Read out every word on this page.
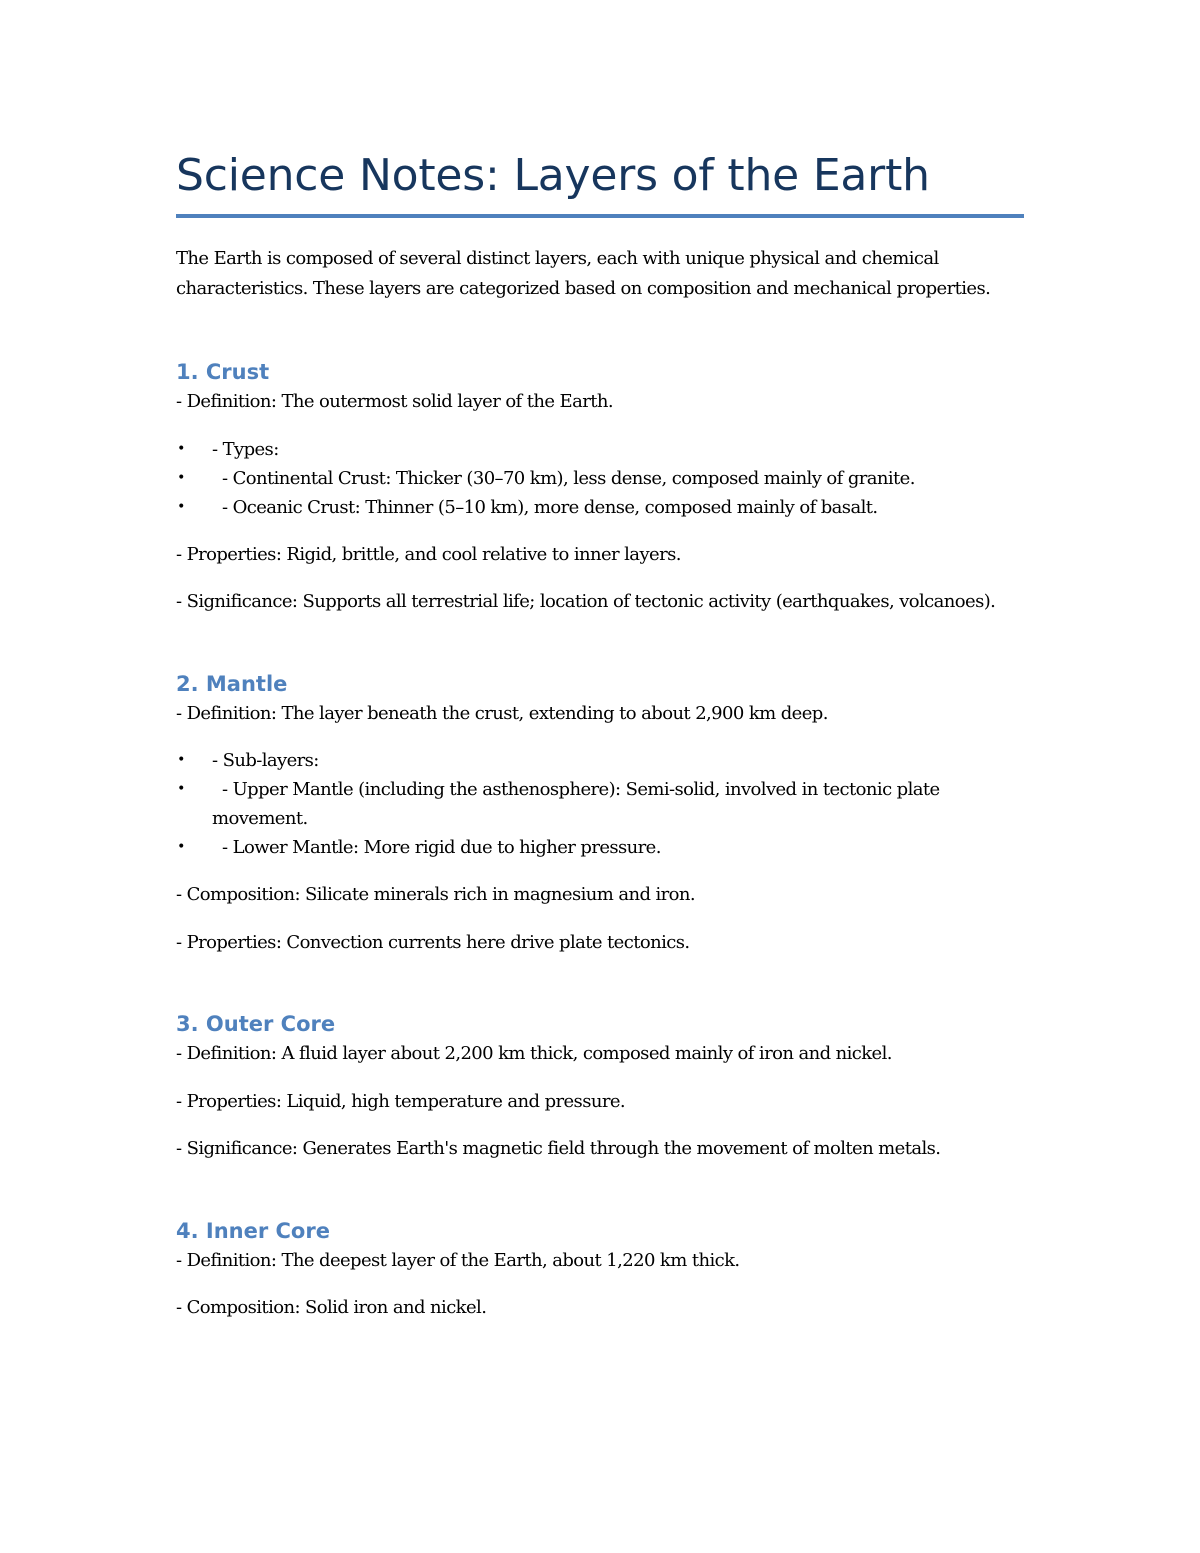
Science Notes: Layers of the Earth

The Earth is composed of several distinct layers, each with unique physical and chemical characteristics. These layers are categorized based on composition and mechanical properties.

1. Crust

- Definition: The outermost solid layer of the Earth.

• - Types:
• - Continental Crust: Thicker (30–70 km), less dense, composed mainly of granite.
• - Oceanic Crust: Thinner (5–10 km), more dense, composed mainly of basalt.

- Properties: Rigid, brittle, and cool relative to inner layers.

- Significance: Supports all terrestrial life; location of tectonic activity (earthquakes, volcanoes).

2. Mantle

- Definition: The layer beneath the crust, extending to about 2,900 km deep.

• - Sub-layers:
• - Upper Mantle (including the asthenosphere): Semi-solid, involved in tectonic plate movement.
• - Lower Mantle: More rigid due to higher pressure.

- Composition: Silicate minerals rich in magnesium and iron.

- Properties: Convection currents here drive plate tectonics.

3. Outer Core

- Definition: A fluid layer about 2,200 km thick, composed mainly of iron and nickel.

- Properties: Liquid, high temperature and pressure.

- Significance: Generates Earth's magnetic field through the movement of molten metals.

4. Inner Core

- Definition: The deepest layer of the Earth, about 1,220 km thick.

- Composition: Solid iron and nickel.
